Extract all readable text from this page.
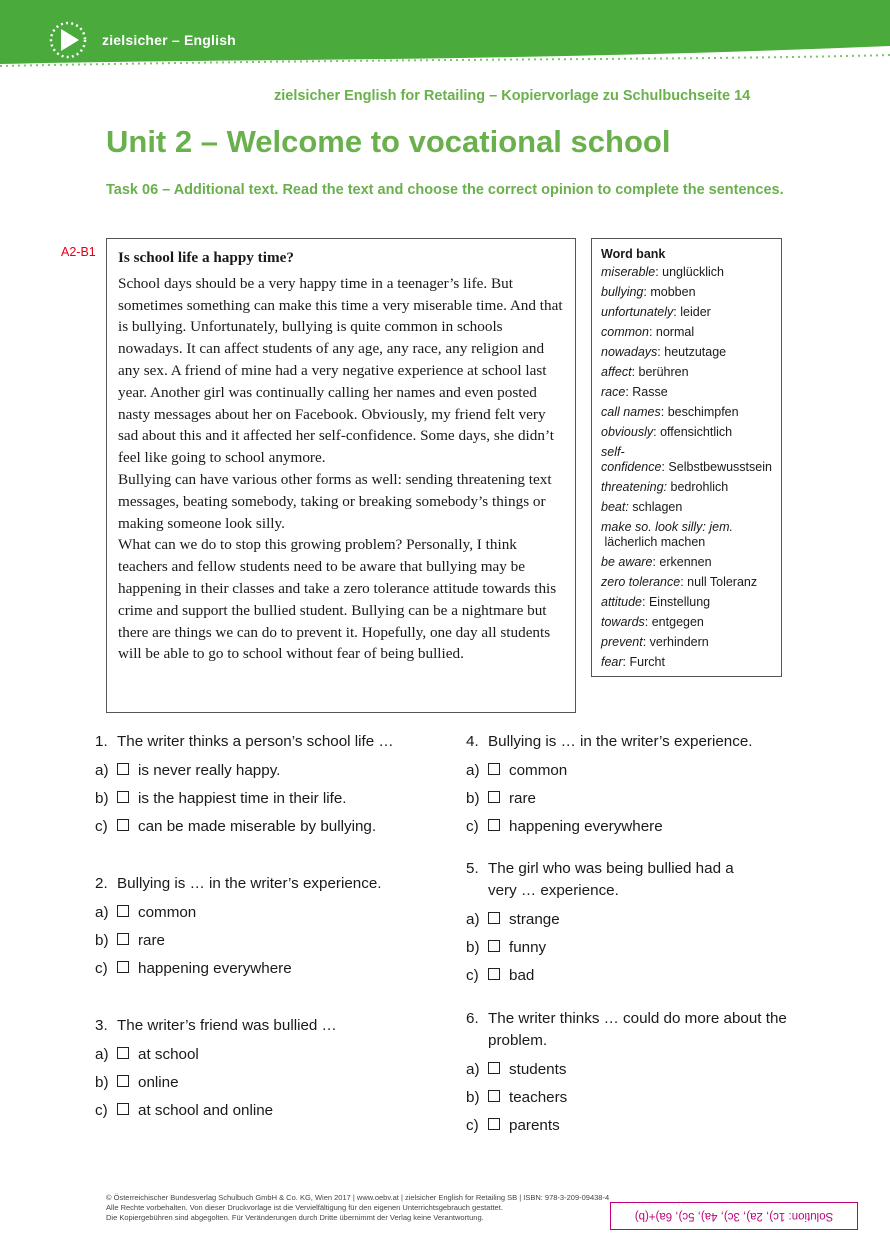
zielsicher – English
zielsicher English for Retailing – Kopiervorlage zu Schulbuchseite 14
Unit 2 – Welcome to vocational school
Task 06 – Additional text. Read the text and choose the correct opinion to complete the sentences.
A2-B1 Is school life a happy time?

School days should be a very happy time in a teenager’s life. But sometimes something can make this time a very miserable time. And that is bullying. Unfortunately, bullying is quite common in schools nowadays. It can affect students of any age, any race, any religion and any sex. A friend of mine had a very negative experience at school last year. Another girl was continually calling her names and even posted nasty messages about her on Facebook. Obviously, my friend felt very sad about this and it affected her self-confidence. Some days, she didn’t feel like going to school anymore.

Bullying can have various other forms as well: sending threatening text messages, beating somebody, taking or breaking somebody’s things or making someone look silly.

What can we do to stop this growing problem? Personally, I think teachers and fellow students need to be aware that bullying may be happening in their classes and take a zero tolerance attitude towards this crime and support the bullied student. Bullying can be a nightmare but there are things we can do to prevent it. Hopefully, one day all students will be able to go to school without fear of being bullied.

Word bank
miserable: unglücklich
bullying: mobben
unfortunately: leider
common: normal
nowadays: heutzutage
affect: berühren
race: Rasse
call names: beschimpfen
obviously: offensichtlich
self-confidence: Selbstbewusstsein
threatening: bedrohlich
beat: schlagen
make so. look silly: jem. lächerlich machen
be aware: erkennen
zero tolerance: null Toleranz
attitude: Einstellung
towards: entgegen
prevent: verhindern
fear: Furcht
1. The writer thinks a person’s school life …
a) is never really happy.
b) is the happiest time in their life.
c) can be made miserable by bullying.
2. Bullying is … in the writer’s experience.
a) common
b) rare
c) happening everywhere
3. The writer’s friend was bullied …
a) at school
b) online
c) at school and online
4. Bullying is … in the writer’s experience.
a) common
b) rare
c) happening everywhere
5. The girl who was being bullied had a very … experience.
a) strange
b) funny
c) bad
6. The writer thinks … could do more about the problem.
a) students
b) teachers
c) parents
© Österreichischer Bundesverlag Schulbuch GmbH & Co. KG, Wien 2017 | www.oebv.at | zielsicher English for Retailing SB | ISBN: 978-3-209-09438-4
Alle Rechte vorbehalten. Von dieser Druckvorlage ist die Vervielfältigung für den eigenen Unterrichtsgebrauch gestattet.
Die Kopiergebühren sind abgegolten. Für Veränderungen durch Dritte übernimmt der Verlag keine Verantwortung.	Solution: 1c), 2a), 3c), 4a), 5c), 6a)+(b)
